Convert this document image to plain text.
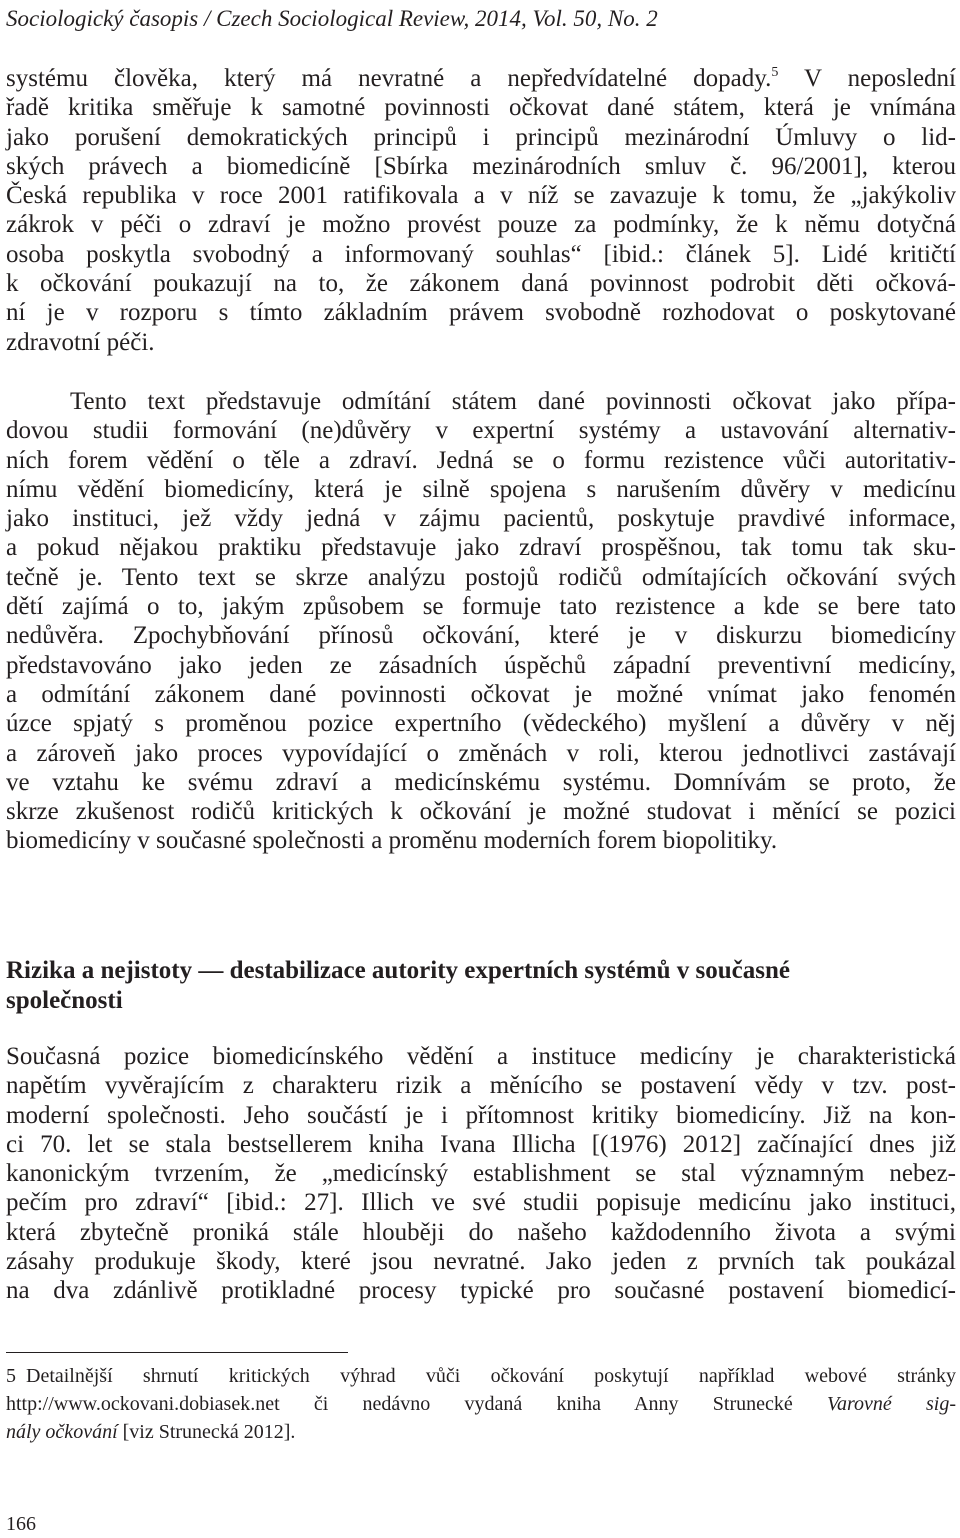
Sociologický časopis / Czech Sociological Review, 2014, Vol. 50, No. 2
systému člověka, který má nevratné a nepředvídatelné dopady.$^5$ V neposlední
řadě kritika směřuje k samotné povinnosti očkovat dané státem, která je vnímána
jako porušení demokratických principů i principů mezinárodní Úmluvy o lid-
ských právech a biomedicíně [Sbírka mezinárodních smluv č. 96/2001], kterou
Česká republika v roce 2001 ratifikovala a v níž se zavazuje k tomu, že „jakýkoliv
zákrok v péči o zdraví je možno provést pouze za podmínky, že k němu dotyčná
osoba poskytla svobodný a informovaný souhlas“ [ibid.: článek 5]. Lidé kritičtí
k očkování poukazují na to, že zákonem daná povinnost podrobit děti očková-
ní je v rozporu s tímto základním právem svobodně rozhodovat o poskytované
zdravotní péči.
Tento text představuje odmítání státem dané povinnosti očkovat jako přípa-
dovou studii formování (ne)důvěry v expertní systémy a ustavování alternativ-
ních forem vědění o těle a zdraví. Jedná se o formu rezistence vůči autoritativ-
nímu vědění biomedicíny, která je silně spojena s narušením důvěry v medicínu
jako instituci, jež vždy jedná v zájmu pacientů, poskytuje pravdivé informace,
a pokud nějakou praktiku představuje jako zdraví prospěšnou, tak tomu tak sku-
tečně je. Tento text se skrze analýzu postojů rodičů odmítajících očkování svých
dětí zajímá o to, jakým způsobem se formuje tato rezistence a kde se bere tato
nedůvěra. Zpochybňování přínosů očkování, které je v diskurzu biomedicíny
představováno jako jeden ze zásadních úspěchů západní preventivní medicíny,
a odmítání zákonem dané povinnosti očkovat je možné vnímat jako fenomén
úzce spjatý s proměnou pozice expertního (vědeckého) myšlení a důvěry v něj
a zároveň jako proces vypovídající o změnách v roli, kterou jednotlivci zastávají
ve vztahu ke svému zdraví a medicínskému systému. Domnívám se proto, že
skrze zkušenost rodičů kritických k očkování je možné studovat i měnící se pozici
biomedicíny v současné společnosti a proměnu moderních forem biopolitiky.
Rizika a nejistoty — destabilizace autority expertních systémů v současné
společnosti
Současná pozice biomedicínského vědění a instituce medicíny je charakteristická
napětím vyvěrajícím z charakteru rizik a měnícího se postavení vědy v tzv. post-
moderní společnosti. Jeho součástí je i přítomnost kritiky biomedicíny. Již na kon-
ci 70. let se stala bestsellerem kniha Ivana Illicha [(1976) 2012] začínající dnes již
kanonickým tvrzením, že „medicínský establishment se stal významným nebez-
pečím pro zdraví“ [ibid.: 27]. Illich ve své studii popisuje medicínu jako instituci,
která zbytečně proniká stále hlouběji do našeho každodenního života a svými
zásahy produkuje škody, které jsou nevratné. Jako jeden z prvních tak poukázal
na dva zdánlivě protikladné procesy typické pro současné postavení biomedicí-
5 Detailnější shrnutí kritických výhrad vůči očkování poskytují například webové stránky
http://www.ockovani.dobiasek.net či nedávno vydaná kniha Anny Strunecké Varovné sig-
nály očkování [viz Strunecká 2012].
166
